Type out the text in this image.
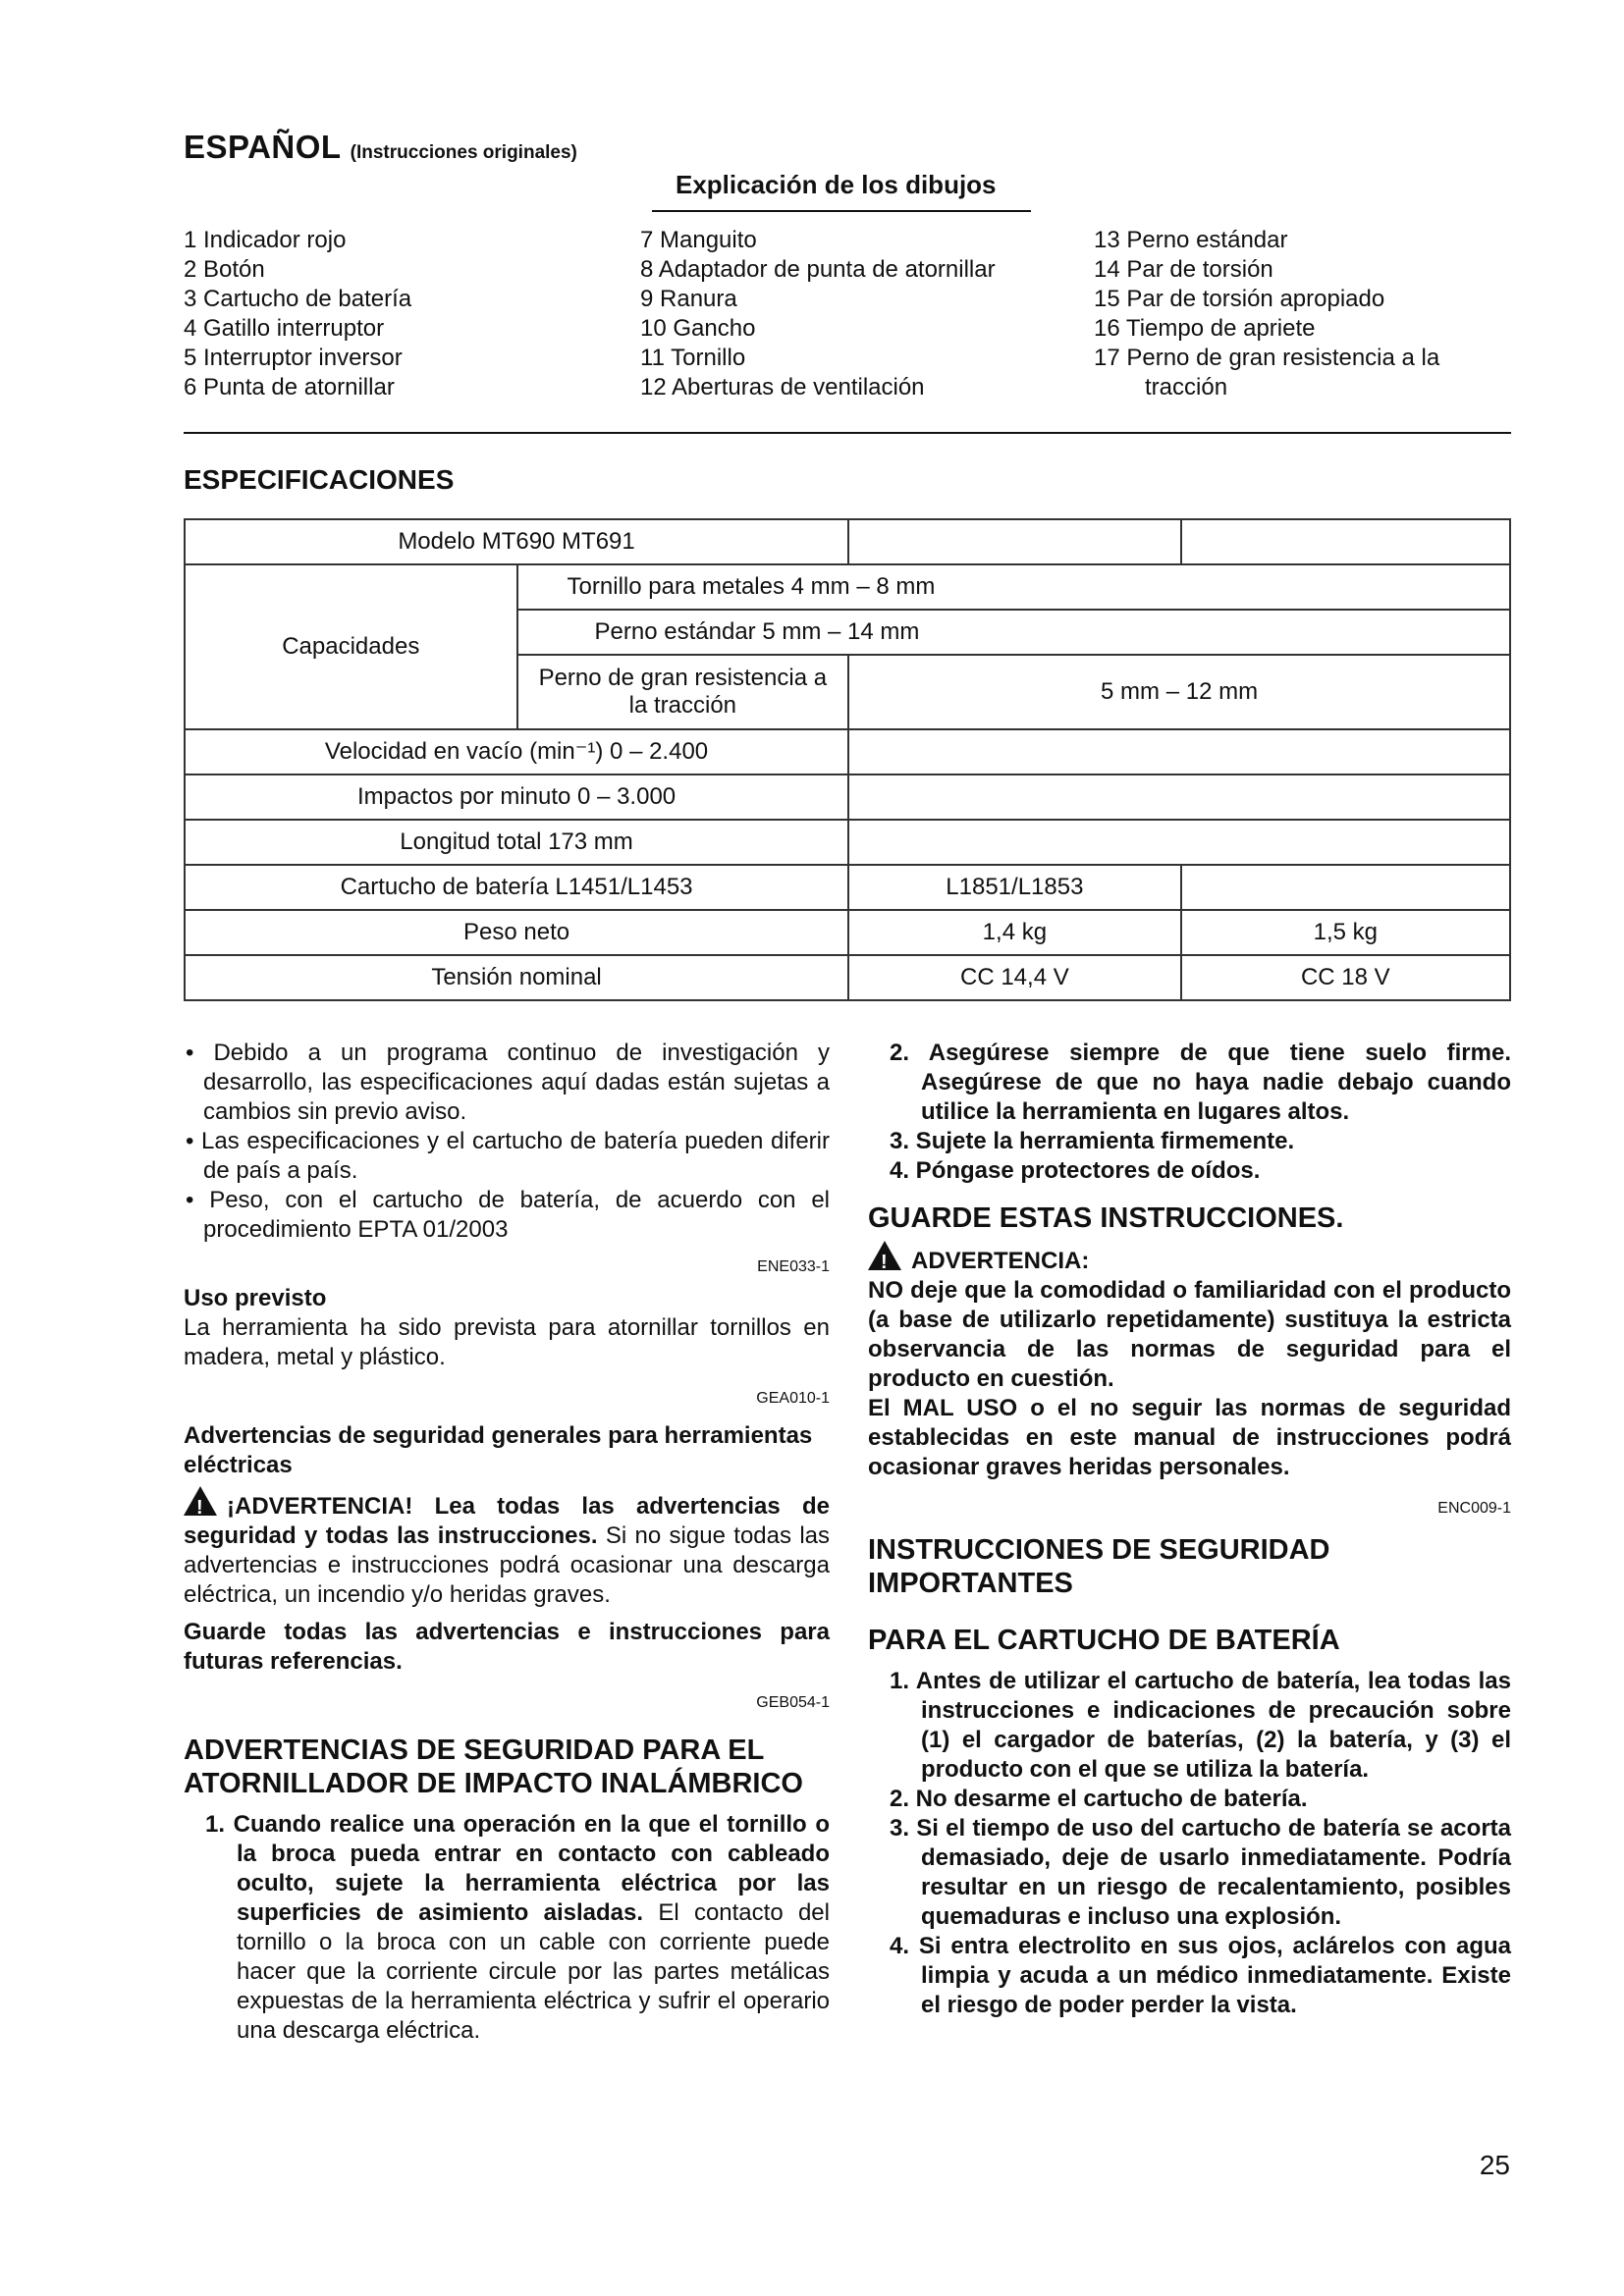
ESPAÑOL (Instrucciones originales)
Explicación de los dibujos
1 Indicador rojo
2 Botón
3 Cartucho de batería
4 Gatillo interruptor
5 Interruptor inversor
6 Punta de atornillar
7 Manguito
8 Adaptador de punta de atornillar
9 Ranura
10 Gancho
11 Tornillo
12 Aberturas de ventilación
13 Perno estándar
14 Par de torsión
15 Par de torsión apropiado
16 Tiempo de apriete
17 Perno de gran resistencia a la
tracción
ESPECIFICACIONES
Modelo MT690 MT691			
Capacidades	Tornillo para metales 4 mm – 8 mm		
	Perno estándar 5 mm – 14 mm		
	Perno de gran resistencia a la tracción	5 mm – 12 mm	
Velocidad en vacío (min⁻¹) 0 – 2.400			
Impactos por minuto 0 – 3.000			
Longitud total 173 mm			
Cartucho de batería L1451/L1453		L1851/L1853	
Peso neto		1,4 kg	1,5 kg
Tensión nominal		CC 14,4 V	CC 18 V
• Debido a un programa continuo de investigación y desarrollo, las especificaciones aquí dadas están sujetas a cambios sin previo aviso.
• Las especificaciones y el cartucho de batería pueden diferir de país a país.
• Peso, con el cartucho de batería, de acuerdo con el procedimiento EPTA 01/2003
ENE033-1
Uso previsto
La herramienta ha sido prevista para atornillar tornillos en madera, metal y plástico.
GEA010-1
Advertencias de seguridad generales para herramientas eléctricas
!¡ADVERTENCIA! Lea todas las advertencias de seguridad y todas las instrucciones. Si no sigue todas las advertencias e instrucciones podrá ocasionar una descarga eléctrica, un incendio y/o heridas graves.
Guarde todas las advertencias e instrucciones para futuras referencias.
GEB054-1
ADVERTENCIAS DE SEGURIDAD PARA EL ATORNILLADOR DE IMPACTO INALÁMBRICO
1. Cuando realice una operación en la que el tornillo o la broca pueda entrar en contacto con cableado oculto, sujete la herramienta eléctrica por las superficies de asimiento aisladas. El contacto del tornillo o la broca con un cable con corriente puede hacer que la corriente circule por las partes metálicas expuestas de la herramienta eléctrica y sufrir el operario una descarga eléctrica.
2. Asegúrese siempre de que tiene suelo firme. Asegúrese de que no haya nadie debajo cuando utilice la herramienta en lugares altos.
3. Sujete la herramienta firmemente.
4. Póngase protectores de oídos.
GUARDE ESTAS INSTRUCCIONES.
!ADVERTENCIA:
NO deje que la comodidad o familiaridad con el producto (a base de utilizarlo repetidamente) sustituya la estricta observancia de las normas de seguridad para el producto en cuestión.
El MAL USO o el no seguir las normas de seguridad establecidas en este manual de instrucciones podrá ocasionar graves heridas personales.
ENC009-1
INSTRUCCIONES DE SEGURIDAD IMPORTANTES
PARA EL CARTUCHO DE BATERÍA
1. Antes de utilizar el cartucho de batería, lea todas las instrucciones e indicaciones de precaución sobre (1) el cargador de baterías, (2) la batería, y (3) el producto con el que se utiliza la batería.
2. No desarme el cartucho de batería.
3. Si el tiempo de uso del cartucho de batería se acorta demasiado, deje de usarlo inmediatamente. Podría resultar en un riesgo de recalentamiento, posibles quemaduras e incluso una explosión.
4. Si entra electrolito en sus ojos, aclárelos con agua limpia y acuda a un médico inmediatamente. Existe el riesgo de poder perder la vista.
25
